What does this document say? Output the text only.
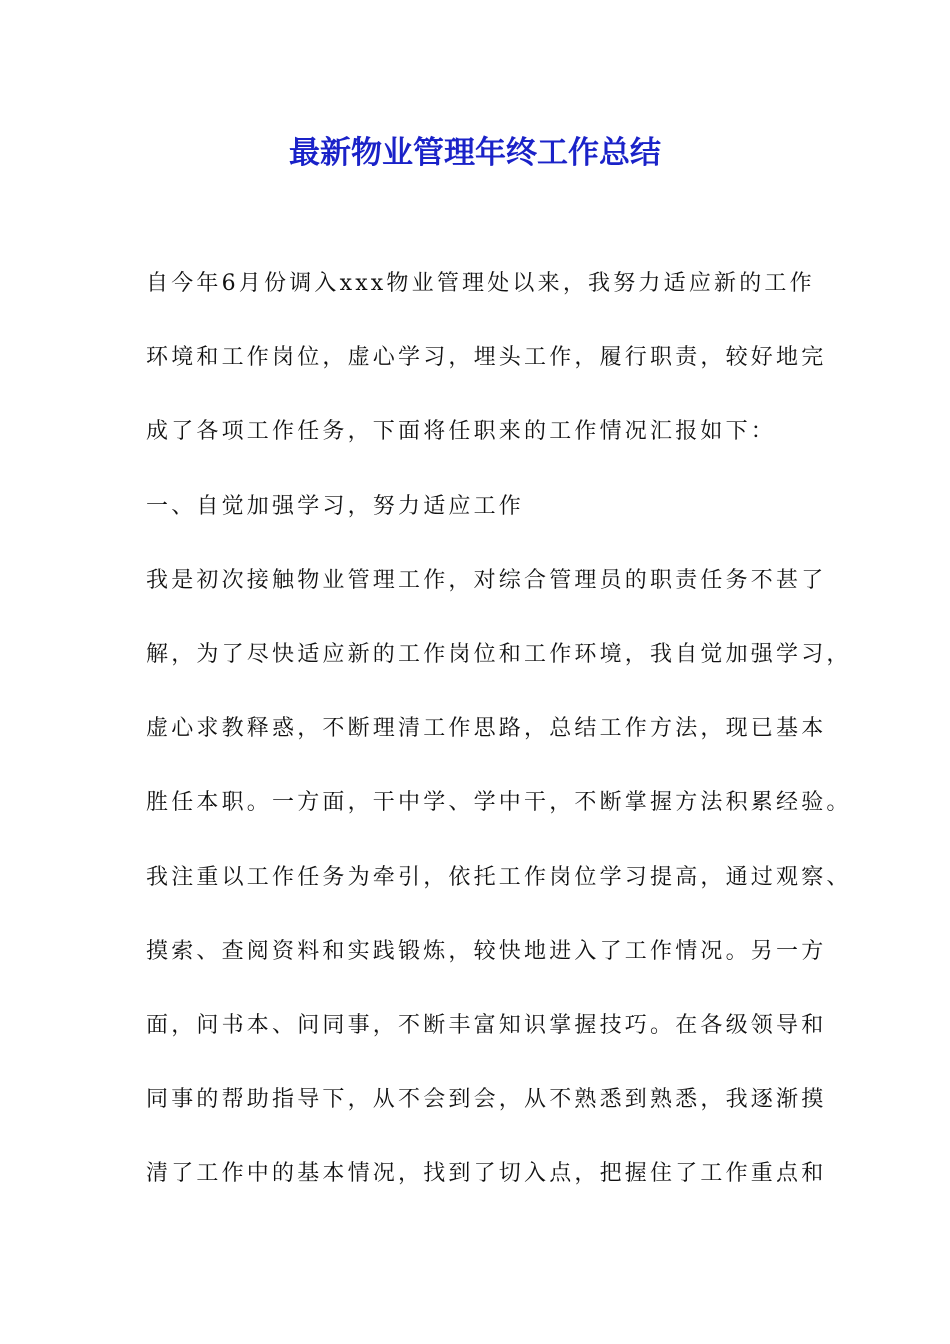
最新物业管理年终工作总结
自今年6月份调入xxx物业管理处以来，我努力适应新的工作
环境和工作岗位，虚心学习，埋头工作，履行职责，较好地完
成了各项工作任务，下面将任职来的工作情况汇报如下：
一、自觉加强学习，努力适应工作
我是初次接触物业管理工作，对综合管理员的职责任务不甚了
解，为了尽快适应新的工作岗位和工作环境，我自觉加强学习，
虚心求教释惑，不断理清工作思路，总结工作方法，现已基本
胜任本职。一方面，干中学、学中干，不断掌握方法积累经验。
我注重以工作任务为牵引，依托工作岗位学习提高，通过观察、
摸索、查阅资料和实践锻炼，较快地进入了工作情况。另一方
面，问书本、问同事，不断丰富知识掌握技巧。在各级领导和
同事的帮助指导下，从不会到会，从不熟悉到熟悉，我逐渐摸
清了工作中的基本情况，找到了切入点，把握住了工作重点和
